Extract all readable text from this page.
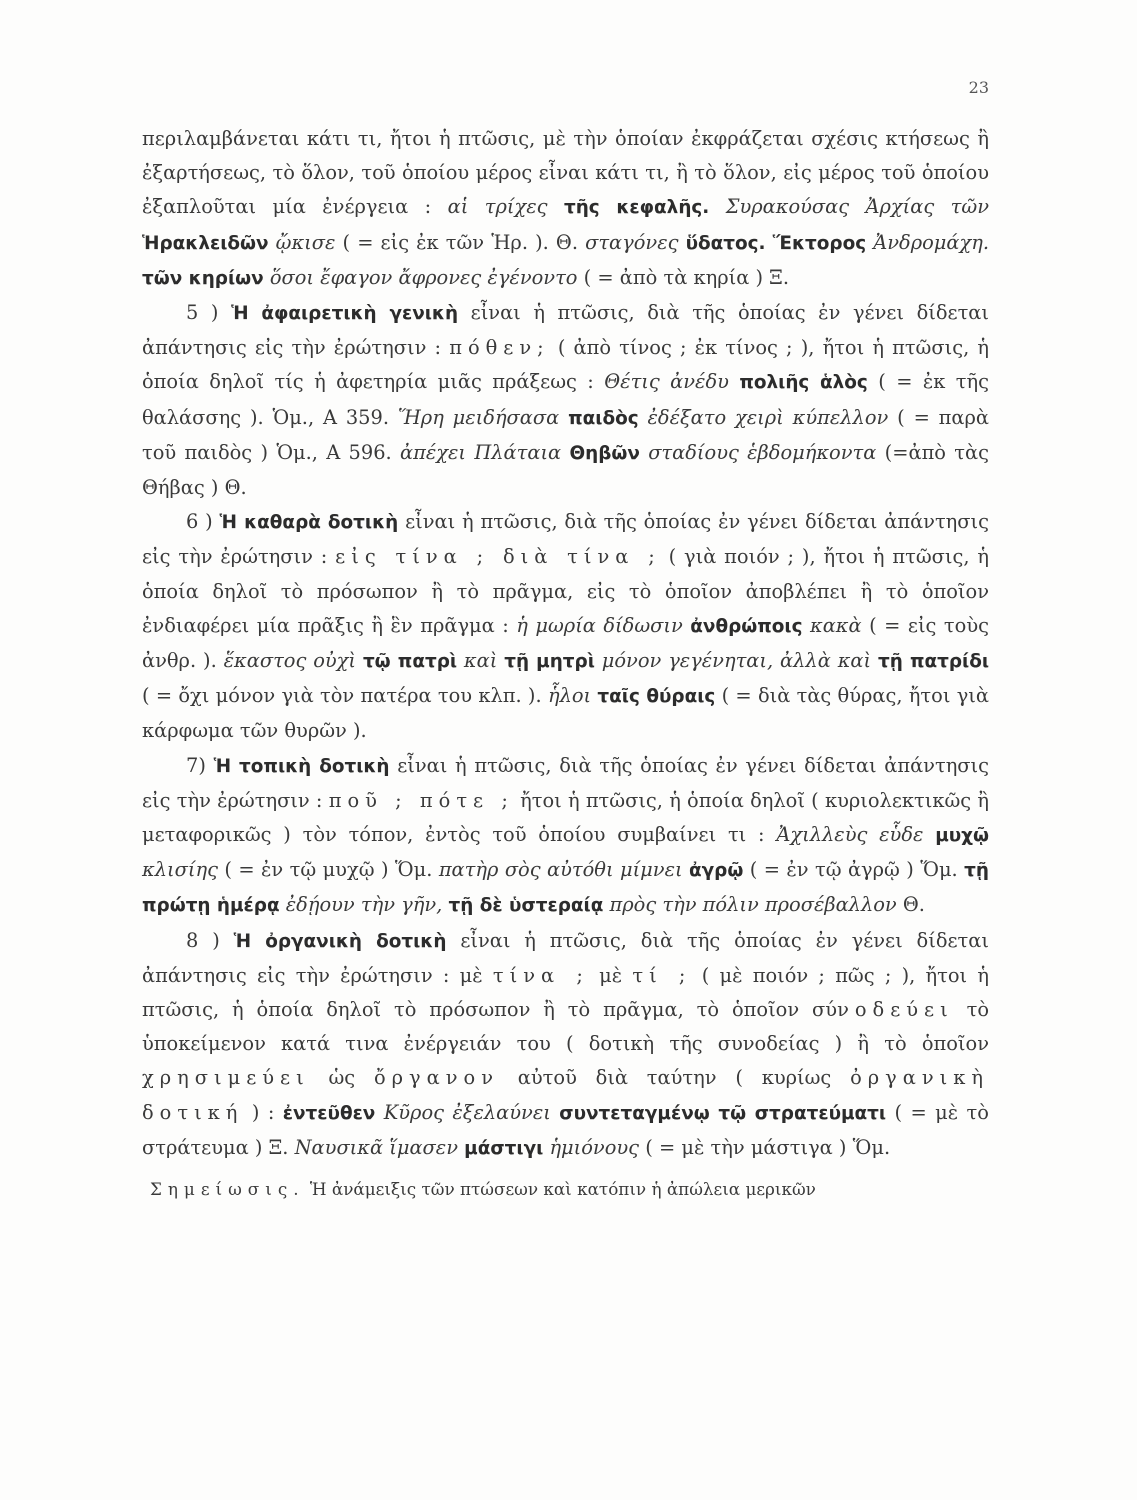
23

περιλαμβάνεται κάτι τι, ἤτοι ἡ πτῶσις, μὲ τὴν ὁποίαν ἐκφράζεται σχέσις κτήσεως ἢ ἐξαρτήσεως, τὸ ὅλον, τοῦ ὁποίου μέρος εἶναι κάτι τι, ἢ τὸ ὅλον, εἰς μέρος τοῦ ὁποίου ἐξαπλοῦται μία ἐνέργεια : αἱ τρίχες τῆς κεφαλῆς. Συρακούσας Ἀρχίας τῶν Ἡρακλειδῶν ᾤκισε ( = εἰς ἐκ τῶν Ἡρ. ). Θ. σταγόνες ὕδατος. Ἕκτορος Ἀνδρομάχη. τῶν κηρίων ὅσοι ἔφαγον ἄφρονες ἐγένοντο ( = ἀπὸ τὰ κηρία ) Ξ.

5 ) Ἡ ἀφαιρετικὴ γενικὴ εἶναι ἡ πτῶσις, διὰ τῆς ὁποίας ἐν γένει δίδεται ἀπάντησις εἰς τὴν ἐρώτησιν : πόθεν; ( ἀπὸ τίνος ; ἐκ τίνος ; ), ἤτοι ἡ πτῶσις, ἡ ὁποία δηλοῖ τίς ἡ ἀφετηρία μιᾶς πράξεως : Θέτις ἀνέδυ πολιῆς ἁλὸς ( = ἐκ τῆς θαλάσσης ). Ὁμ., Α 359. Ἥρη μειδήσασα παιδὸς ἐδέξατο χειρὶ κύπελλον ( = παρὰ τοῦ παιδὸς ) Ὁμ., Α 596. ἀπέχει Πλάταια Θηβῶν σταδίους ἑβδομήκοντα (=ἀπὸ τὰς Θήβας ) Θ.

6 ) Ἡ καθαρὰ δοτικὴ εἶναι ἡ πτῶσις, διὰ τῆς ὁποίας ἐν γένει δίδεται ἀπάντησις εἰς τὴν ἐρώτησιν : εἰς τίνα ; διὰ τίνα ; ( γιὰ ποιόν ; ), ἤτοι ἡ πτῶσις, ἡ ὁποία δηλοῖ τὸ πρόσωπον ἢ τὸ πρᾶγμα, εἰς τὸ ὁποῖον ἀποβλέπει ἢ τὸ ὁποῖον ἐνδιαφέρει μία πρᾶξις ἢ ἓν πρᾶγμα : ἡ μωρία δίδωσιν ἀνθρώποις κακὰ ( = εἰς τοὺς ἀνθρ. ). ἕκαστος οὐχὶ τῷ πατρὶ καὶ τῇ μητρὶ μόνον γεγένηται, ἀλλὰ καὶ τῇ πατρίδι ( = ὄχι μόνον γιὰ τὸν πατέρα του κλπ. ). ἧλοι ταῖς θύραις ( = διὰ τὰς θύρας, ἤτοι γιὰ κάρφωμα τῶν θυρῶν ).

7) Ἡ τοπικὴ δοτικὴ εἶναι ἡ πτῶσις, διὰ τῆς ὁποίας ἐν γένει δίδεται ἀπάντησις εἰς τὴν ἐρώτησιν : ποῦ ; πότε ; ἤτοι ἡ πτῶσις, ἡ ὁποία δηλοῖ ( κυριολεκτικῶς ἢ μεταφορικῶς ) τὸν τόπον, ἐντὸς τοῦ ὁποίου συμβαίνει τι : Ἀχιλλεὺς εὗδε μυχῷ κλισίης ( = ἐν τῷ μυχῷ ) Ὅμ. πατὴρ σὸς αὐτόθι μίμνει ἀγρῷ ( = ἐν τῷ ἀγρῷ ) Ὅμ. τῇ πρώτῃ ἡμέρᾳ ἐδῄουν τὴν γῆν, τῇ δὲ ὑστεραίᾳ πρὸς τὴν πόλιν προσέβαλλον Θ.

8 ) Ἡ ὀργανικὴ δοτικὴ εἶναι ἡ πτῶσις, διὰ τῆς ὁποίας ἐν γένει δίδεται ἀπάντησις εἰς τὴν ἐρώτησιν : μὲ τίνα ; μὲ τί ; ( μὲ ποιόν ; πῶς ; ), ἤτοι ἡ πτῶσις, ἡ ὁποία δηλοῖ τὸ πρόσωπον ἢ τὸ πρᾶγμα, τὸ ὁποῖον σύνοδεύει τὸ ὑποκείμενον κατά τινα ἐνέργειάν του ( δοτικὴ τῆς συνοδείας ) ἢ τὸ ὁποῖον χρησιμεύει ὡς ὄργανον αὐτοῦ διὰ ταύτην ( κυρίως ὀργανικὴ δοτική ) : ἐντεῦθεν Κῦρος ἐξελαύνει συντεταγμένῳ τῷ στρατεύματι ( = μὲ τὸ στράτευμα ) Ξ. Ναυσικᾶ ἵμασεν μάστιγι ἡμιόνους ( = μὲ τὴν μάστιγα ) Ὅμ.

Σημείωσις. Ἡ ἀνάμειξις τῶν πτώσεων καὶ κατόπιν ἡ ἀπώλεια μερικῶν
